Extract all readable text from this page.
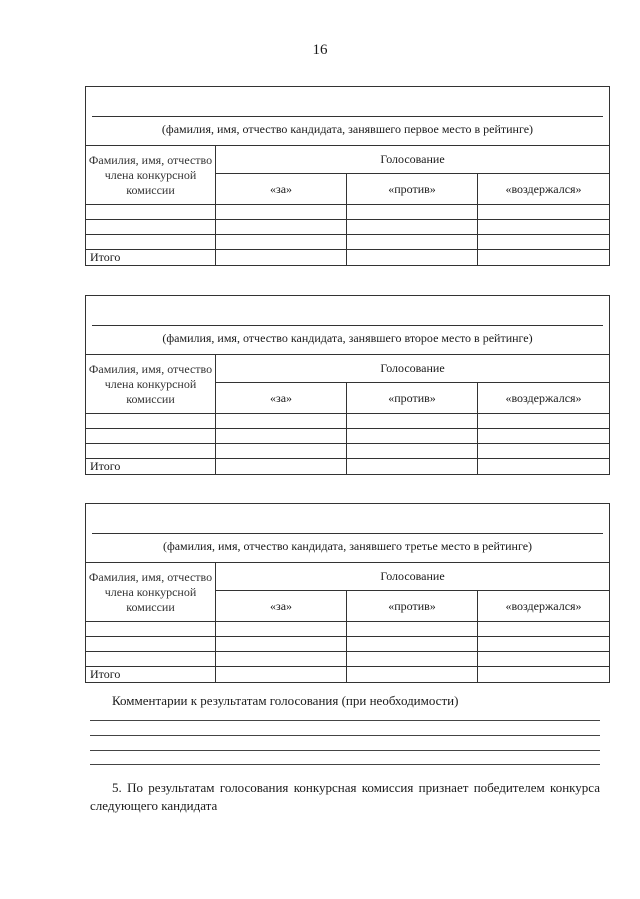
16
(фамилия, имя, отчество кандидата, занявшего первое место в рейтинге)			

Фамилия, имя, отчество члена конкурсной комиссии	Голосование		
	«за»	«против»	«воздержался»

Итого			
(фамилия, имя, отчество кандидата, занявшего второе место в рейтинге)			

Фамилия, имя, отчество члена конкурсной комиссии	Голосование		
	«за»	«против»	«воздержался»

Итого			
(фамилия, имя, отчество кандидата, занявшего третье место в рейтинге)			

Фамилия, имя, отчество члена конкурсной комиссии	Голосование		
	«за»	«против»	«воздержался»

Итого			
Комментарии к результатам голосования (при необходимости)
5. По результатам голосования конкурсная комиссия признает победителем конкурса следующего кандидата
